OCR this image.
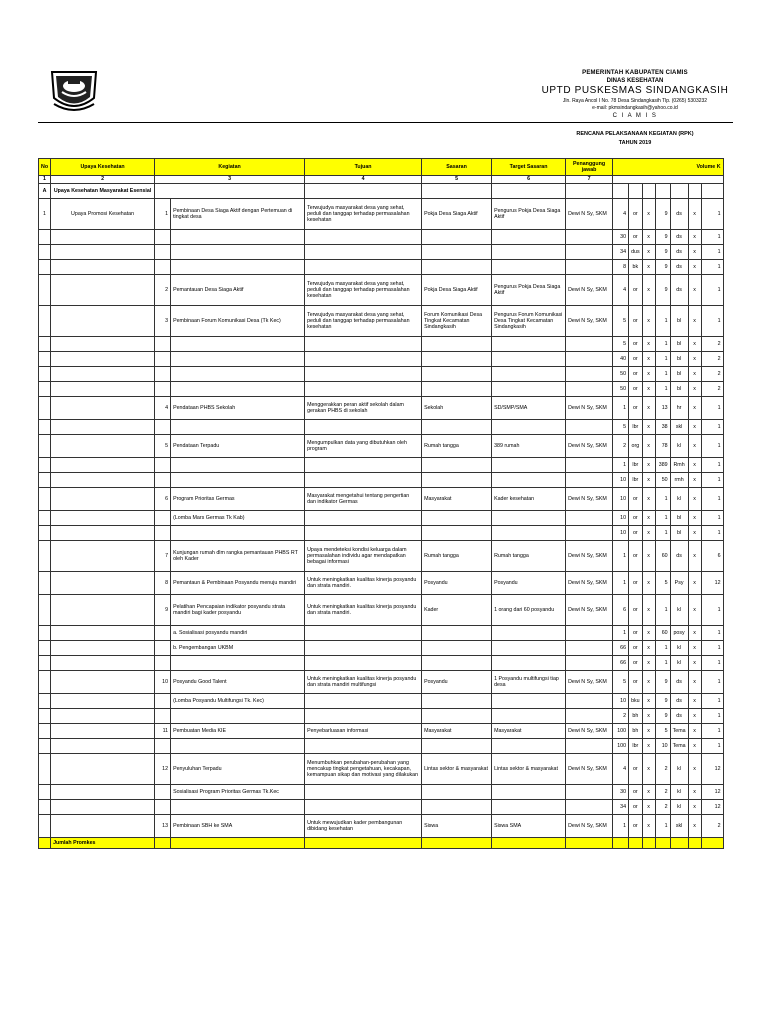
PEMERINTAH KABUPATEN CIAMIS
DINAS KESEHATAN
UPTD PUSKESMAS SINDANGKASIH
Jln. Raya Ancol I No. 78 Desa Sindangkasih Tlp. (0265) 5303232
e-mail: pkmsindangkasih@yahoo.co.id
C I A M I S
RENCANA PELAKSANAAN KEGIATAN (RPK)
TAHUN 2019
No	Upaya Kesehatan	Kegiatan		Tujuan	Sasaran	Target Sasaran	Penanggung jawab	Volume K						
1	2	3		4	5	6	7							
A	Upaya Kesehatan Masyarakat Esensial													
1	Upaya Promosi Kesehatan	1	Pembinaan Desa Siaga Aktif dengan Pertemuan di tingkat desa	Terwujudya masyarakat desa yang sehat, peduli dan tanggap terhadap permasalahan kesehatan	Pokja Desa Siaga Aktif	Pengurus Pokja Desa Siaga Aktif	Dewi N Sy, SKM	4	or	x	9	ds	x	1
								30	or	x	9	ds	x	1
								34	dus	x	9	ds	x	1
								8	bk	x	9	ds	x	1
		2	Pemantauan Desa Siaga Aktif	Terwujudya masyarakat desa yang sehat, peduli dan tanggap terhadap permasalahan kesehatan	Pokja Desa Siaga Aktif	Pengurus Pokja Desa Siaga Aktif	Dewi N Sy, SKM	4	or	x	9	ds	x	1
		3	Pembinaan Forum Komunikasi Desa (Tk Kec)	Terwujudya masyarakat desa yang sehat, peduli dan tanggap terhadap permasalahan kesehatan	Forum Komunikasi Desa Tingkat Kecamatan Sindangkasih	Pengurus Forum Komunikasi Desa Tingkat Kecamatan Sindangkasih	Dewi N Sy, SKM	5	or	x	1	bl	x	1
								5	or	x	1	bl	x	2
								40	or	x	1	bl	x	2
								50	or	x	1	bl	x	2
								50	or	x	1	bl	x	2
		4	Pendataan PHBS Sekolah	Menggerakkan peran aktif sekolah dalam gerakan PHBS di sekolah	Sekolah	SD/SMP/SMA	Dewi N Sy, SKM	1	or	x	13	hr	x	1
								5	lbr	x	38	skl	x	1
		5	Pendataan Terpadu	Mengumpulkan data yang dibutuhkan oleh program	Rumah tangga	389 rumah	Dewi N Sy, SKM	2	org	x	78	kl	x	1
								1	lbr	x	389	Rmh	x	1
								10	lbr	x	50	rmh	x	1
		6	Program Prioritas Germas	Masyarakat mengetahui tentang pengertian dan indikator Germas	Masyarakat	Kader kesehatan	Dewi N Sy, SKM	10	or	x	1	kl	x	1
			(Lomba Mars Germas Tk Kab)					10	or	x	1	bl	x	1
								10	or	x	1	bl	x	1
		7	Kunjungan rumah dlm rangka pemantauan PHBS RT oleh Kader	Upaya mendeteksi kondisi keluarga dalam permasalahan individu agar mendapatkan bebagai informasi	Rumah tangga	Rumah tangga	Dewi N Sy, SKM	1	or	x	60	ds	x	6
		8	Pemantaun & Pembinaan Posyandu menuju mandiri	Untuk meningkatkan kualitas kinerja posyandu dan strata mandiri.	Posyandu	Posyandu	Dewi N Sy, SKM	1	or	x	5	Psy	x	12
		9	Pelatihan Pencapaian indikator posyandu strata mandiri bagi kader posyandu	Untuk meningkatkan kualitas kinerja posyandu dan strata mandiri.	Kader	1 orang dari 60 posyandu	Dewi N Sy, SKM	6	or	x	1	kl	x	1
			a. Sosialisasi posyandu mandiri					1	or	x	60	posy	x	1
			b. Pengembangan UKBM					66	or	x	1	kl	x	1
								66	or	x	1	kl	x	1
		10	Posyandu Good Talent	Untuk meningkatkan kualitas kinerja posyandu dan strata mandiri multifungsi	Posyandu	1 Posyandu multifungsi tiap desa	Dewi N Sy, SKM	5	or	x	9	ds	x	1
			(Lomba Posyandu Multifungsi Tk. Kec)					10	bku	x	9	ds	x	1
								2	bh	x	9	ds	x	1
		11	Pembuatan Media KIE	Penyebarluasan informasi	Masyarakat	Masyarakat	Dewi N Sy, SKM	100	bh	x	5	Tema	x	1
								100	lbr	x	10	Tema	x	1
		12	Penyuluhan Terpadu	Menumbuhkan perubahan-perubahan yang mencakup tingkat pengetahuan, kecakapan, kemampuan sikap dan motivasi yang dilakukan	Lintas sektor & masyarakat	Lintas sektor & masyarakat	Dewi N Sy, SKM	4	or	x	2	kl	x	12
			Sosialisasi Program Prioritas Germas Tk.Kec					30	or	x	2	kl	x	12
								34	or	x	2	kl	x	12
		13	Pembinaan SBH ke SMA	Untuk mewujudkan kader pembangunan dibidang kesehatan	Siswa	Siswa SMA	Dewi N Sy, SKM	1	or	x	1	skl	x	2
	Jumlah Promkes													
